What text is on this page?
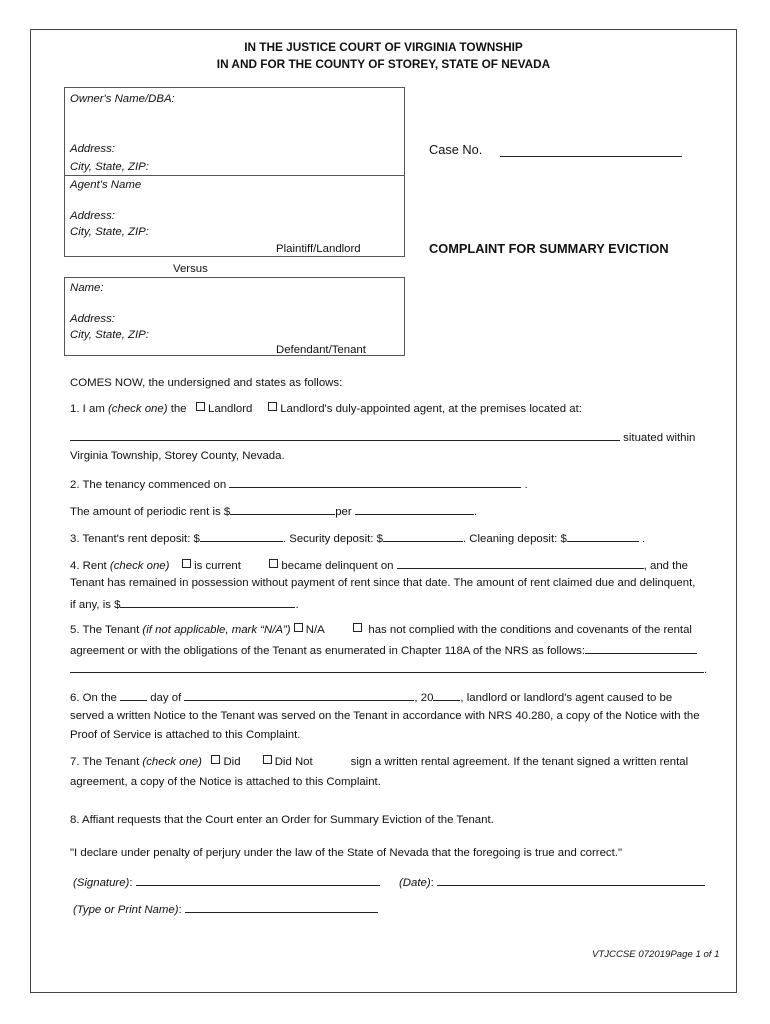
IN THE JUSTICE COURT OF VIRGINIA TOWNSHIP
IN AND FOR THE COUNTY OF STOREY, STATE OF NEVADA
Owner's Name/DBA:
Address:
City, State, ZIP:
Agent's Name
Address:
City, State, ZIP:
Plaintiff/Landlord
Versus
Name:
Address:
City, State, ZIP:
Defendant/Tenant
Case No.
COMPLAINT FOR SUMMARY EVICTION
COMES NOW, the undersigned and states as follows:
1. I am (check one) the Landlord Landlord's duly-appointed agent, at the premises located at:
situated within
Virginia Township, Storey County, Nevada.
2. The tenancy commenced on	.
The amount of periodic rent is $	per	.
3. Tenant's rent deposit: $	. Security deposit: $	. Cleaning deposit: $	.
4. Rent (check one) is current	became delinquent on	, and the
Tenant has remained in possession without payment of rent since that date. The amount of rent claimed due and delinquent,
if any, is $	.
5. The Tenant (if not applicable, mark “N/A”) N/A	has not complied with the conditions and covenants of the rental
agreement or with the obligations of the Tenant as enumerated in Chapter 118A of the NRS as follows:
.
6. On the	day of	, 20 , landlord or landlord's agent caused to be
served a written Notice to the Tenant was served on the Tenant in accordance with NRS 40.280, a copy of the Notice with the
Proof of Service is attached to this Complaint.
7. The Tenant (check one) Did	Did Not	sign a written rental agreement. If the tenant signed a written rental
agreement, a copy of the Notice is attached to this Complaint.
8. Affiant requests that the Court enter an Order for Summary Eviction of the Tenant.
"I declare under penalty of perjury under the law of the State of Nevada that the foregoing is true and correct."
(Signature):	(Date):
(Type or Print Name):
VTJCCSE 072019Page 1 of 1
